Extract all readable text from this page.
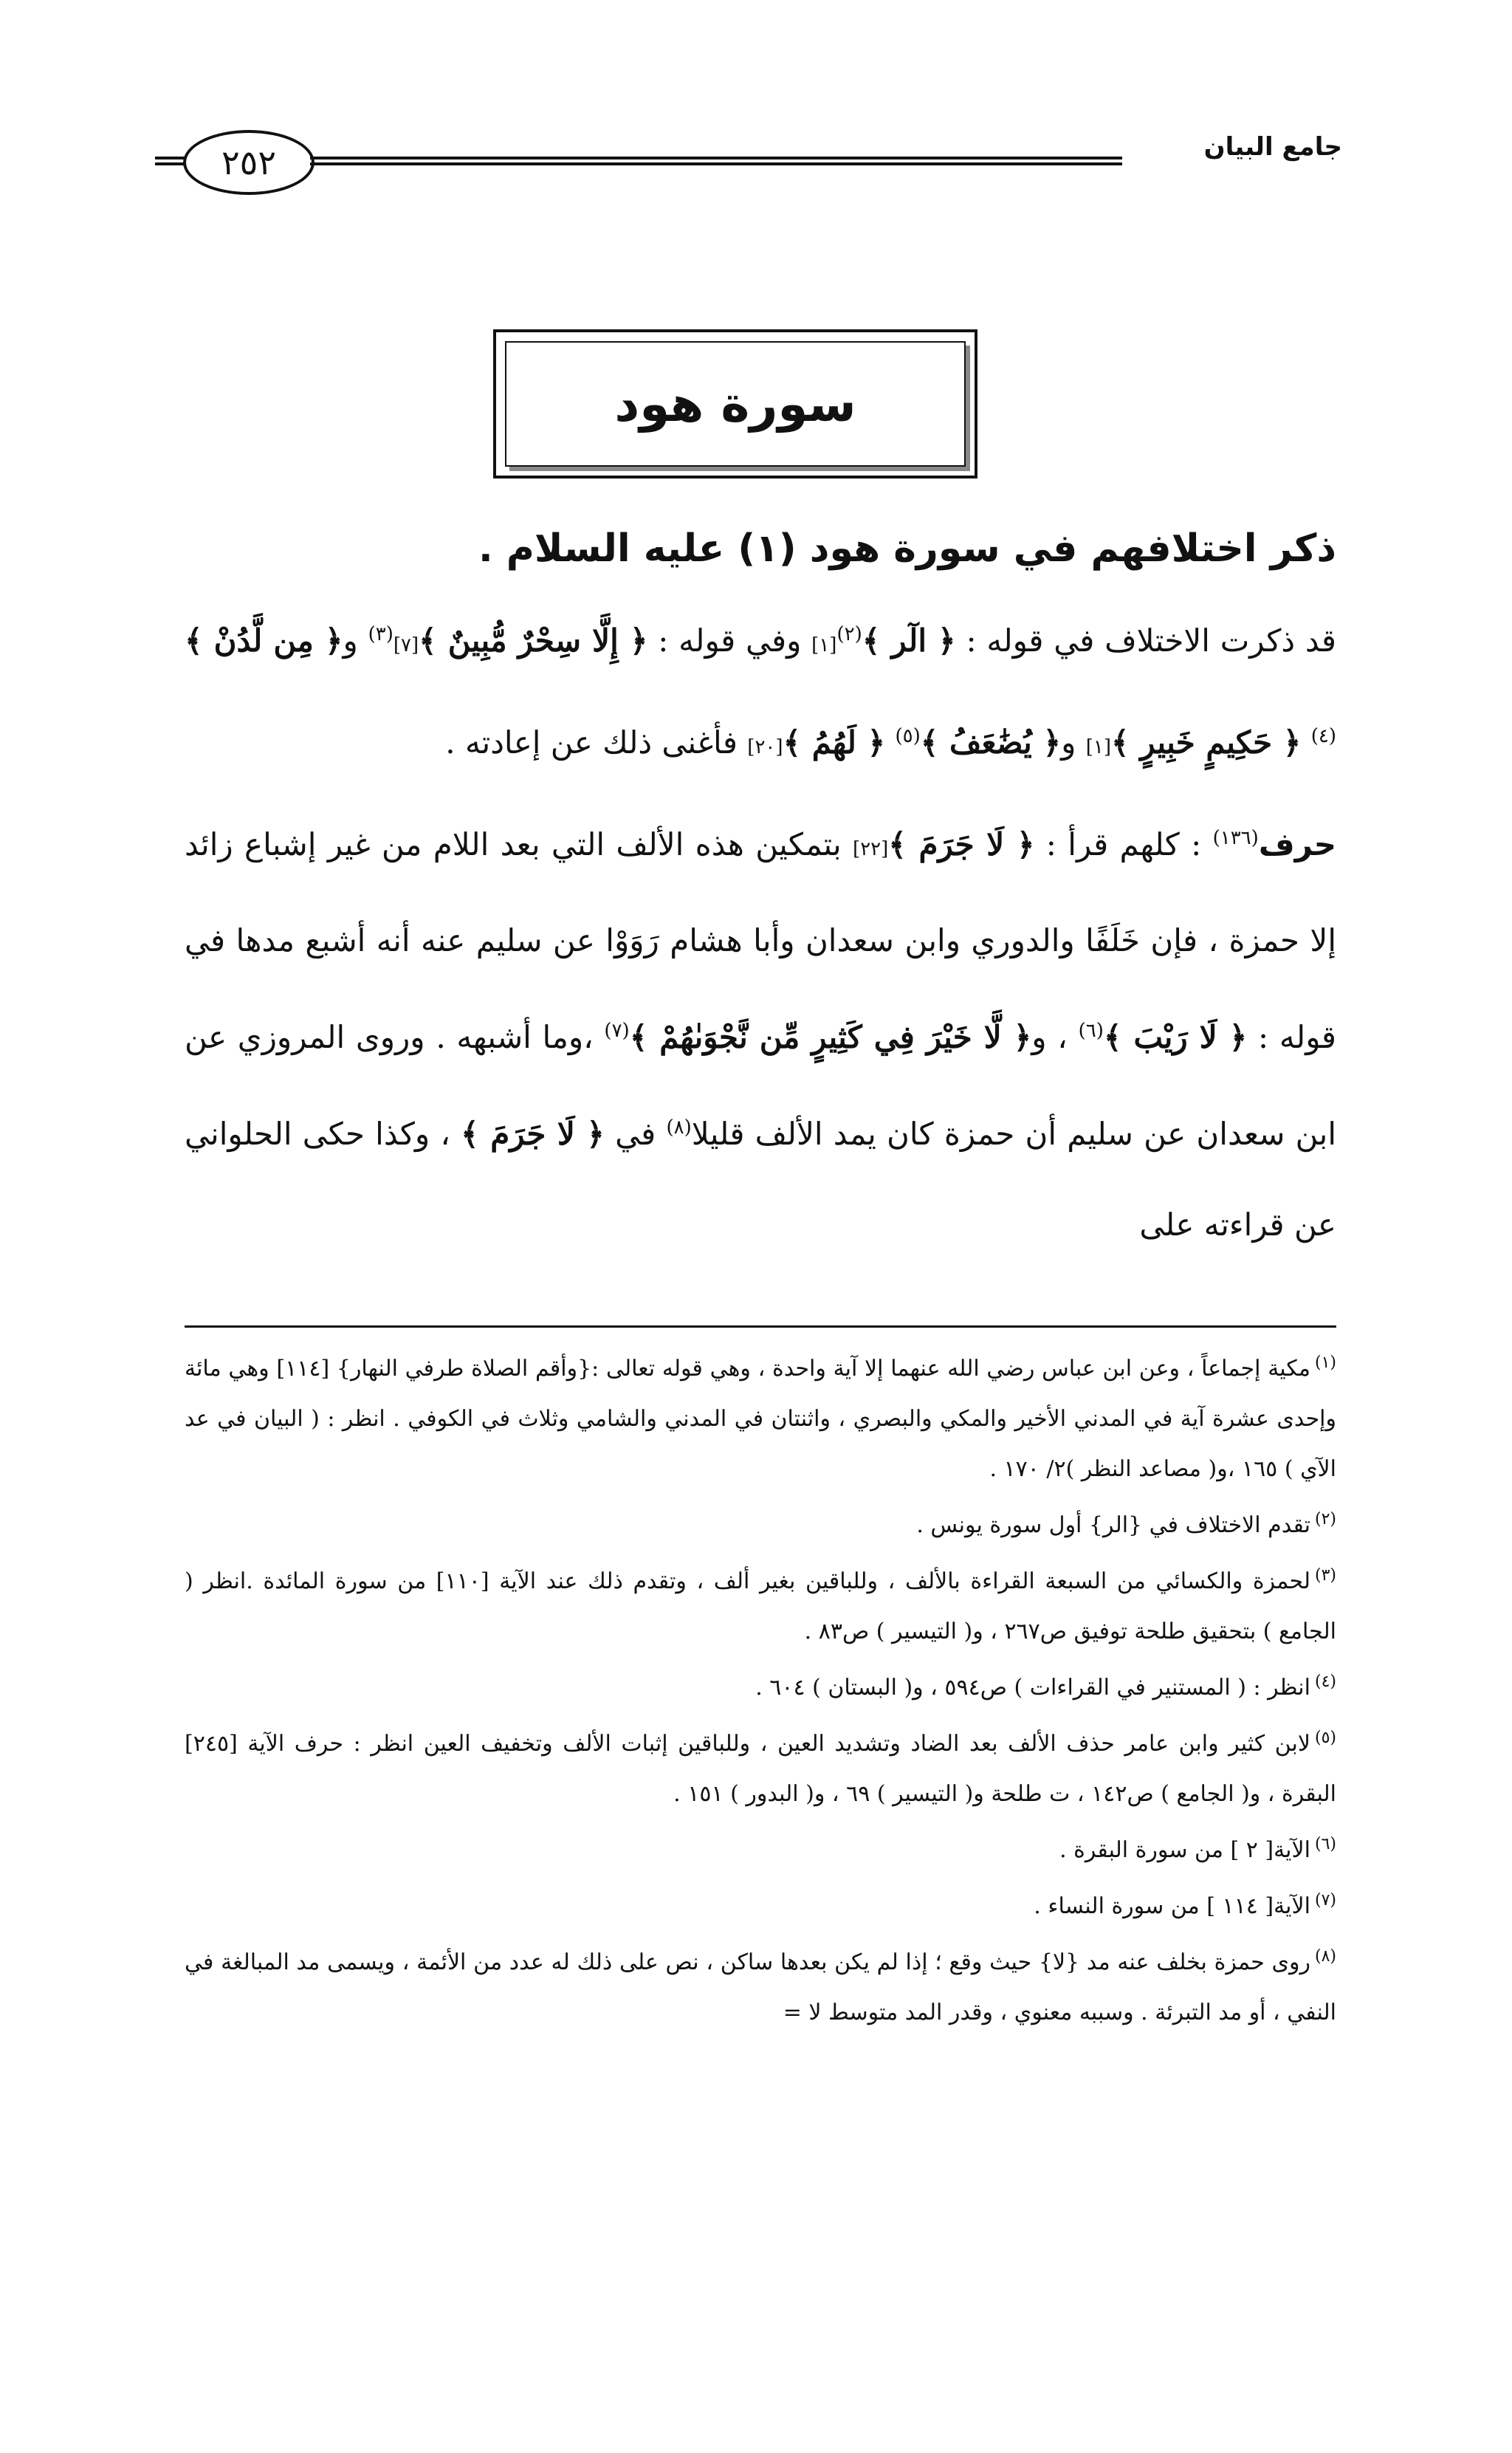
جامع البيان
٢٥٢
سورة هود

ذكر اختلافهم في سورة هود (١) عليه السلام .

قد ذكرت الاختلاف في قوله : ﴿ الٓر ﴾$^{(٢)}$[١] وفي قوله : ﴿ إِلَّا سِحْرٌ مُّبِينٌ ﴾[٧]$^{(٣)}$ و﴿ مِن لَّدُنْ ﴾$^{(٤)}$ ﴿ حَكِيمٍ خَبِيرٍ ﴾[١] و﴿ يُضَٰعَفُ ﴾$^{(٥)}$ ﴿ لَهُمُ ﴾[٢٠] فأغنى ذلك عن إعادته .

حرف$^{(١٣٦)}$ : كلهم قرأ : ﴿ لَا جَرَمَ ﴾[٢٢] بتمكين هذه الألف التي بعد اللام من غير إشباع زائد إلا حمزة ، فإن خَلَفًا والدوري وابن سعدان وأبا هشام رَوَوْا عن سليم عنه أنه أشبع مدها في قوله : ﴿ لَا رَيْبَ ﴾$^{(٦)}$ ، و﴿ لَّا خَيْرَ فِي كَثِيرٍ مِّن نَّجْوَىٰهُمْ ﴾$^{(٧)}$ ،وما أشبهه . وروى المروزي عن ابن سعدان عن سليم أن حمزة كان يمد الألف قليلا$^{(٨)}$ في ﴿ لَا جَرَمَ ﴾ ، وكذا حكى الحلواني عن قراءته على

$^{(١)}$مكية إجماعاً ، وعن ابن عباس رضي الله عنهما إلا آية واحدة ، وهي قوله تعالى :{وأقم الصلاة طرفي النهار} [١١٤] وهي مائة وإحدى عشرة آية في المدني الأخير والمكي والبصري ، واثنتان في المدني والشامي وثلاث في الكوفي . انظر : ( البيان في عد الآي ) ١٦٥ ،و( مصاعد النظر )٢/ ١٧٠ .

$^{(٢)}$تقدم الاختلاف في {الر} أول سورة يونس .

$^{(٣)}$لحمزة والكسائي من السبعة القراءة بالألف ، وللباقين بغير ألف ، وتقدم ذلك عند الآية [١١٠] من سورة المائدة .انظر ( الجامع ) بتحقيق طلحة توفيق ص٢٦٧ ، و( التيسير ) ص٨٣ .

$^{(٤)}$انظر : ( المستنير في القراءات ) ص٥٩٤ ، و( البستان ) ٦٠٤ .

$^{(٥)}$لابن كثير وابن عامر حذف الألف بعد الضاد وتشديد العين ، وللباقين إثبات الألف وتخفيف العين انظر : حرف الآية [٢٤٥] البقرة ، و( الجامع ) ص١٤٢ ، ت طلحة و( التيسير ) ٦٩ ، و( البدور ) ١٥١ .

$^{(٦)}$الآية[ ٢ ] من سورة البقرة .

$^{(٧)}$الآية[ ١١٤ ] من سورة النساء .

$^{(٨)}$روى حمزة بخلف عنه مد {لا} حيث وقع ؛ إذا لم يكن بعدها ساكن ، نص على ذلك له عدد من الأئمة ، ويسمى مد المبالغة في النفي ، أو مد التبرئة . وسببه معنوي ، وقدر المد متوسط لا =
